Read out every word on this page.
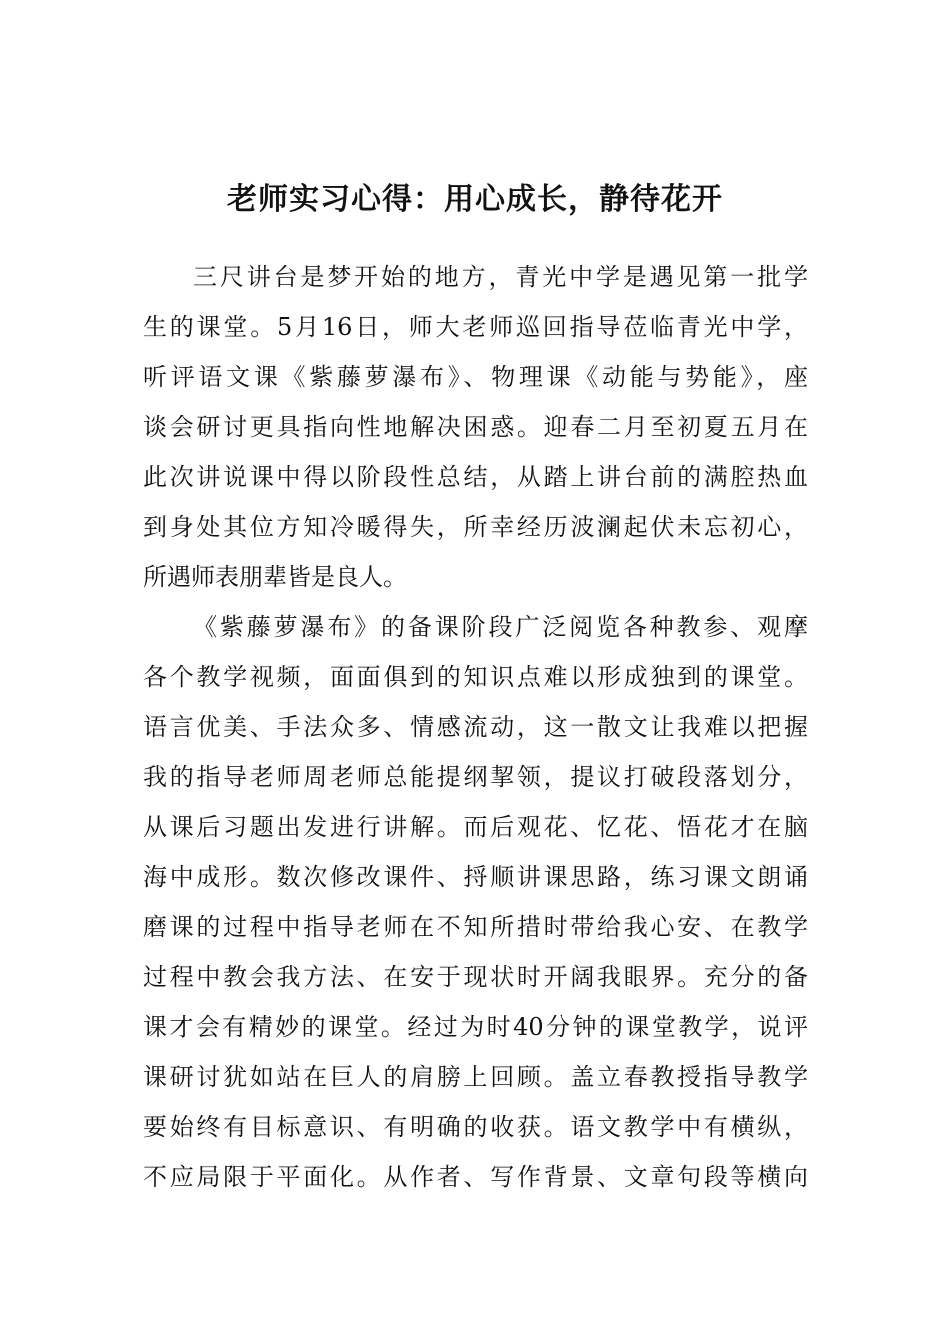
老师实习心得：用心成长，静待花开
三尺讲台是梦开始的地方，青光中学是遇见第一批学
生的课堂。5月16日，师大老师巡回指导莅临青光中学，
听评语文课《紫藤萝瀑布》、物理课《动能与势能》，座
谈会研讨更具指向性地解决困惑。迎春二月至初夏五月在
此次讲说课中得以阶段性总结，从踏上讲台前的满腔热血
到身处其位方知冷暖得失，所幸经历波澜起伏未忘初心，
所遇师表朋辈皆是良人。
《紫藤萝瀑布》的备课阶段广泛阅览各种教参、观摩
各个教学视频，面面俱到的知识点难以形成独到的课堂。
语言优美、手法众多、情感流动，这一散文让我难以把握
我的指导老师周老师总能提纲挈领，提议打破段落划分，
从课后习题出发进行讲解。而后观花、忆花、悟花才在脑
海中成形。数次修改课件、捋顺讲课思路，练习课文朗诵
磨课的过程中指导老师在不知所措时带给我心安、在教学
过程中教会我方法、在安于现状时开阔我眼界。充分的备
课才会有精妙的课堂。经过为时40分钟的课堂教学，说评
课研讨犹如站在巨人的肩膀上回顾。盖立春教授指导教学
要始终有目标意识、有明确的收获。语文教学中有横纵，
不应局限于平面化。从作者、写作背景、文章句段等横向
